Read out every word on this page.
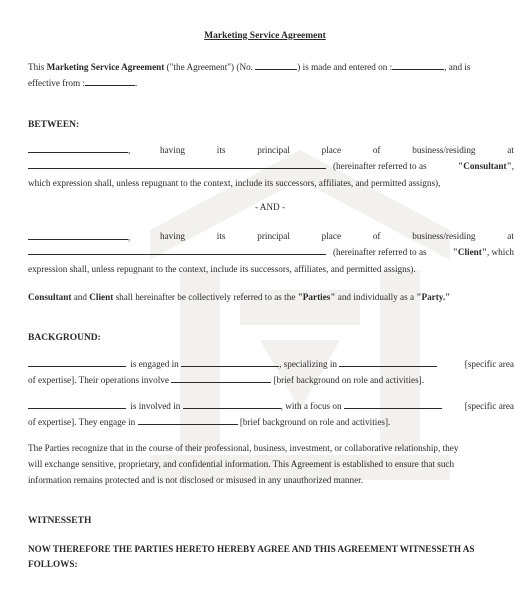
Marketing Service Agreement
This Marketing Service Agreement ("the Agreement") (No.	) is made and entered on :	, and is
effective from :	.
BETWEEN:
,	having	its	principal	place	of	business/residing	at
(hereinafter referred to as	"Consultant",
which expression shall, unless repugnant to the context, include its successors, affiliates, and permitted assigns),
- AND -
,	having	its	principal	place	of	business/residing	at
(hereinafter referred to as	"Client", which
expression shall, unless repugnant to the context, include its successors, affiliates, and permitted assigns).
Consultant and Client shall hereinafter be collectively referred to as the "Parties" and individually as a "Party."
BACKGROUND:
is engaged in	, specializing in	[specific area
of expertise]. Their operations involve	[brief background on role and activities].
is involved in	, with a focus on	[specific area
of expertise]. They engage in	[brief background on role and activities].
The Parties recognize that in the course of their professional, business, investment, or collaborative relationship, they
will exchange sensitive, proprietary, and confidential information. This Agreement is established to ensure that such
information remains protected and is not disclosed or misused in any unauthorized manner.
WITNESSETH
NOW THEREFORE THE PARTIES HERETO HEREBY AGREE AND THIS AGREEMENT WITNESSETH AS
FOLLOWS:
